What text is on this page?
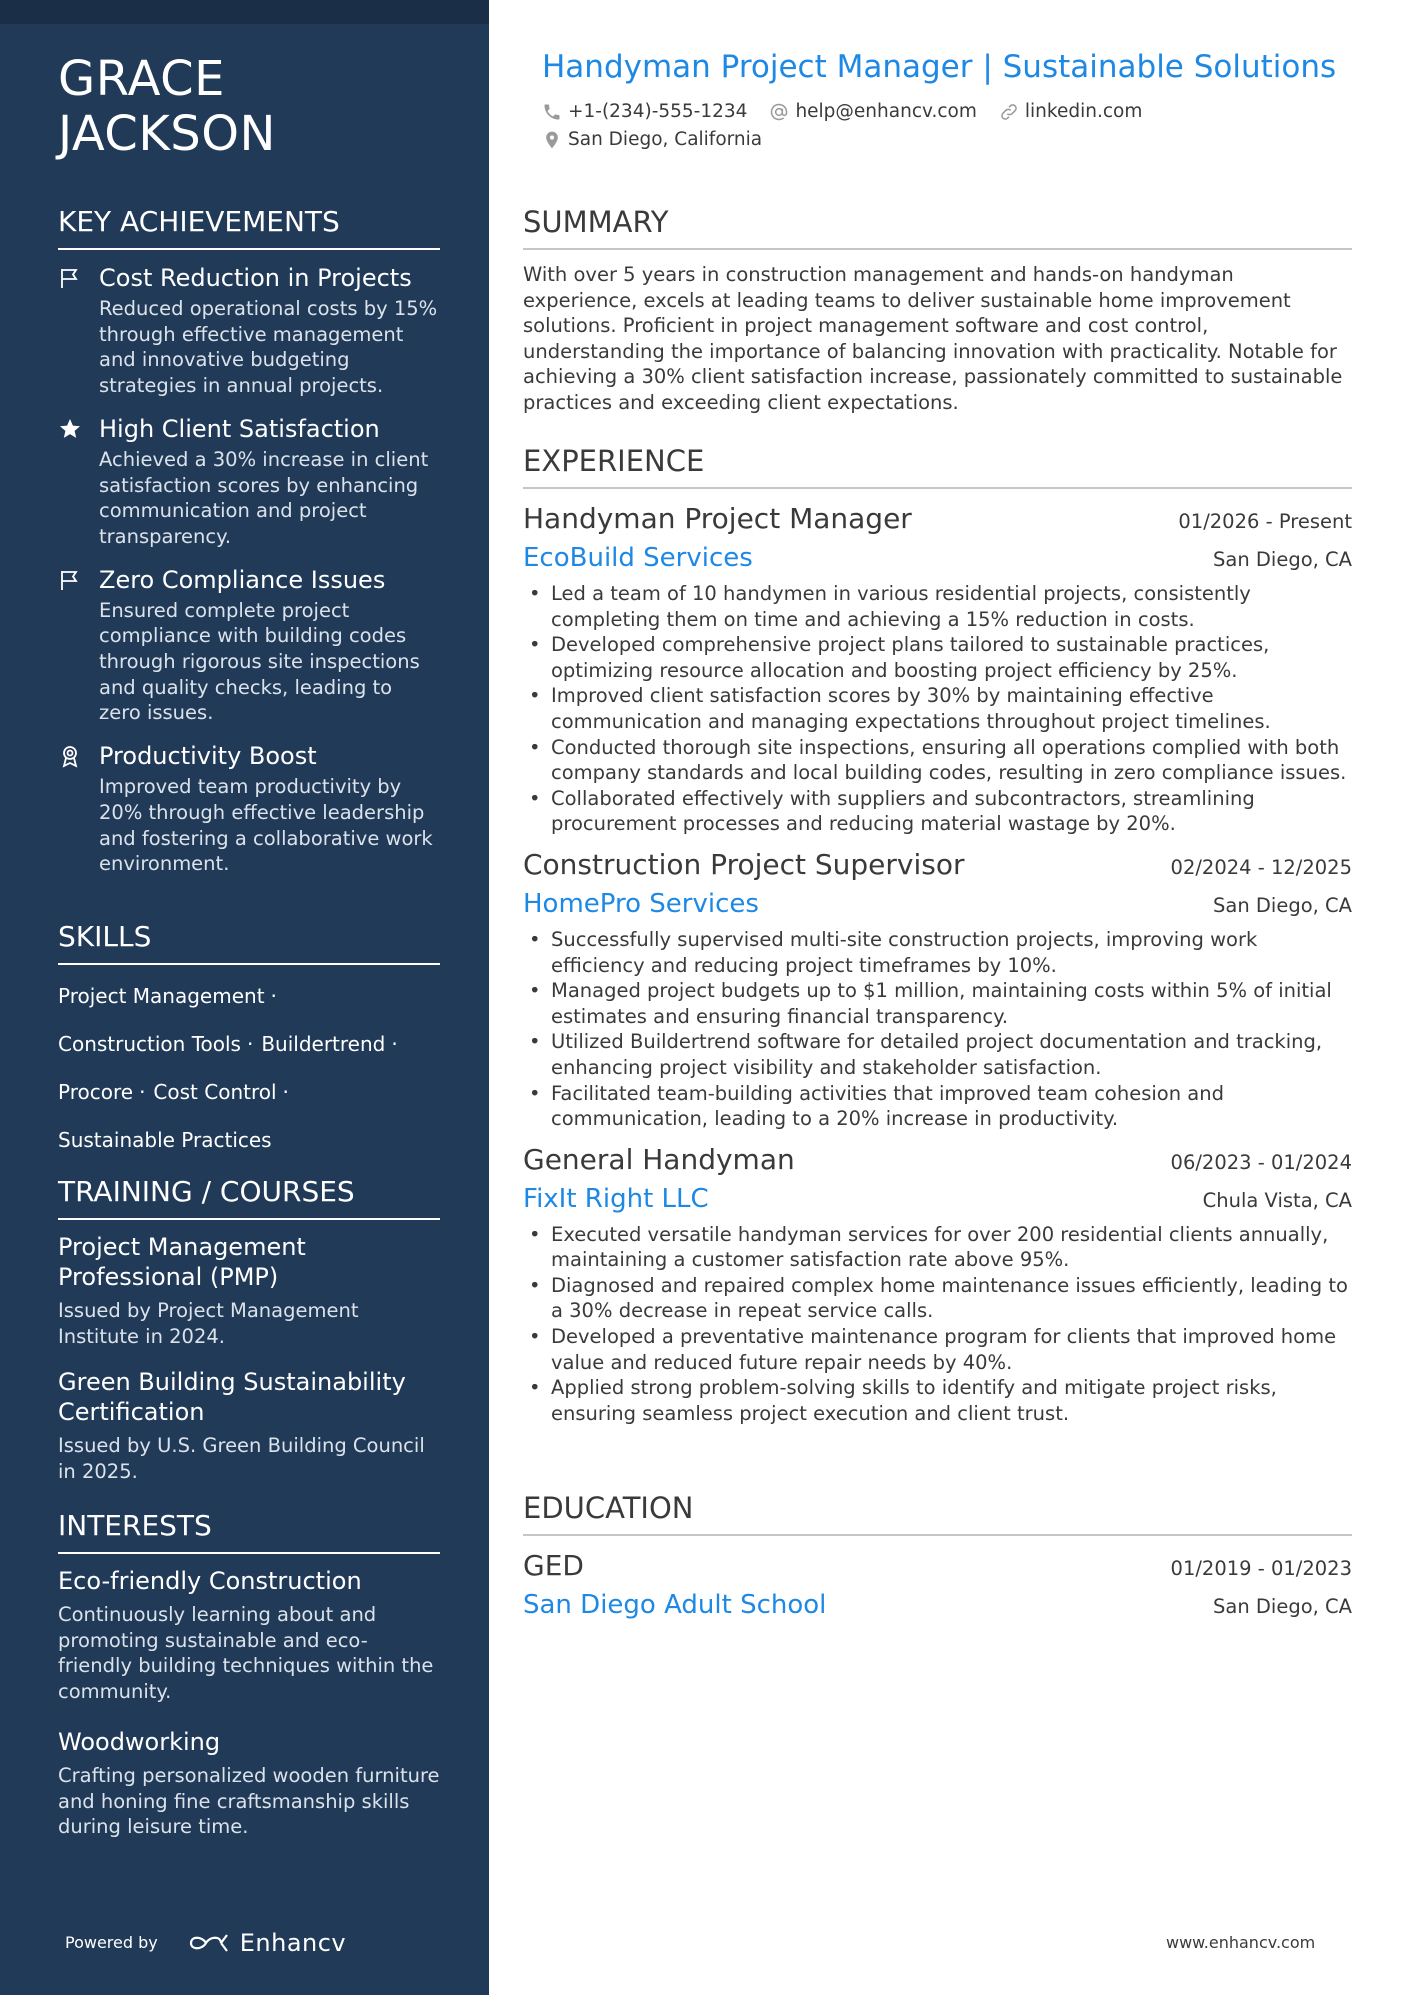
GRACE JACKSON
KEY ACHIEVEMENTS
Cost Reduction in Projects
Reduced operational costs by 15% through effective management and innovative budgeting strategies in annual projects.
High Client Satisfaction
Achieved a 30% increase in client satisfaction scores by enhancing communication and project transparency.
Zero Compliance Issues
Ensured complete project compliance with building codes through rigorous site inspections and quality checks, leading to zero issues.
Productivity Boost
Improved team productivity by 20% through effective leadership and fostering a collaborative work environment.
SKILLS
Project Management ·
Construction Tools · Buildertrend ·
Procore · Cost Control ·
Sustainable Practices
TRAINING / COURSES
Project Management Professional (PMP)
Issued by Project Management Institute in 2024.
Green Building Sustainability Certification
Issued by U.S. Green Building Council in 2025.
INTERESTS
Eco-friendly Construction
Continuously learning about and promoting sustainable and eco-friendly building techniques within the community.
Woodworking
Crafting personalized wooden furniture and honing fine craftsmanship skills during leisure time.
Powered by	Enhancv
Handyman Project Manager | Sustainable Solutions
+1-(234)-555-1234	help@enhancv.com	linkedin.com
San Diego, California
SUMMARY
With over 5 years in construction management and hands-on handyman experience, excels at leading teams to deliver sustainable home improvement solutions. Proficient in project management software and cost control, understanding the importance of balancing innovation with practicality. Notable for achieving a 30% client satisfaction increase, passionately committed to sustainable practices and exceeding client expectations.
EXPERIENCE
Handyman Project Manager	01/2026 - Present
EcoBuild Services	San Diego, CA
• Led a team of 10 handymen in various residential projects, consistently completing them on time and achieving a 15% reduction in costs.
• Developed comprehensive project plans tailored to sustainable practices, optimizing resource allocation and boosting project efficiency by 25%.
• Improved client satisfaction scores by 30% by maintaining effective communication and managing expectations throughout project timelines.
• Conducted thorough site inspections, ensuring all operations complied with both company standards and local building codes, resulting in zero compliance issues.
• Collaborated effectively with suppliers and subcontractors, streamlining procurement processes and reducing material wastage by 20%.
Construction Project Supervisor	02/2024 - 12/2025
HomePro Services	San Diego, CA
• Successfully supervised multi-site construction projects, improving work efficiency and reducing project timeframes by 10%.
• Managed project budgets up to $1 million, maintaining costs within 5% of initial estimates and ensuring financial transparency.
• Utilized Buildertrend software for detailed project documentation and tracking, enhancing project visibility and stakeholder satisfaction.
• Facilitated team-building activities that improved team cohesion and communication, leading to a 20% increase in productivity.
General Handyman	06/2023 - 01/2024
FixIt Right LLC	Chula Vista, CA
• Executed versatile handyman services for over 200 residential clients annually, maintaining a customer satisfaction rate above 95%.
• Diagnosed and repaired complex home maintenance issues efficiently, leading to a 30% decrease in repeat service calls.
• Developed a preventative maintenance program for clients that improved home value and reduced future repair needs by 40%.
• Applied strong problem-solving skills to identify and mitigate project risks, ensuring seamless project execution and client trust.
EDUCATION
GED	01/2019 - 01/2023
San Diego Adult School	San Diego, CA
www.enhancv.com
